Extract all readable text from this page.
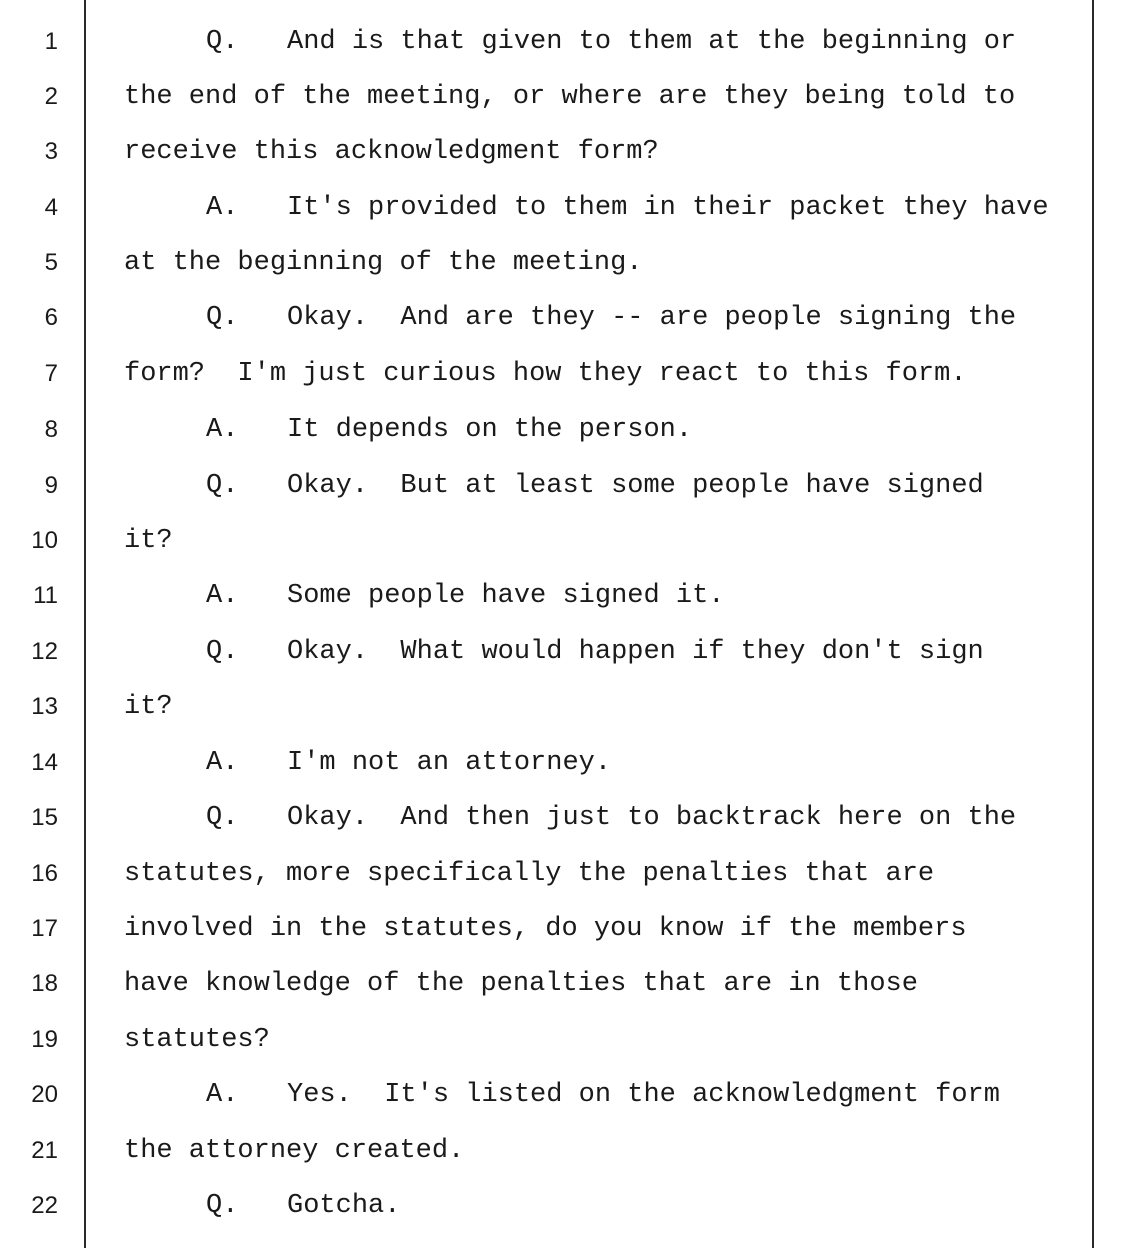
1	Q.   And is that given to them at the beginning or
2 the end of the meeting, or where are they being told to
3 receive this acknowledgment form?
4	A.   It's provided to them in their packet they have
5 at the beginning of the meeting.
6	Q.   Okay.  And are they -- are people signing the
7 form?  I'm just curious how they react to this form.
8	A.   It depends on the person.
9	Q.   Okay.  But at least some people have signed
10 it?
11	A.   Some people have signed it.
12	Q.   Okay.  What would happen if they don't sign
13 it?
14	A.   I'm not an attorney.
15	Q.   Okay.  And then just to backtrack here on the
16 statutes, more specifically the penalties that are
17 involved in the statutes, do you know if the members
18 have knowledge of the penalties that are in those
19 statutes?
20	A.   Yes.  It's listed on the acknowledgment form
21 the attorney created.
22	Q.   Gotcha.
